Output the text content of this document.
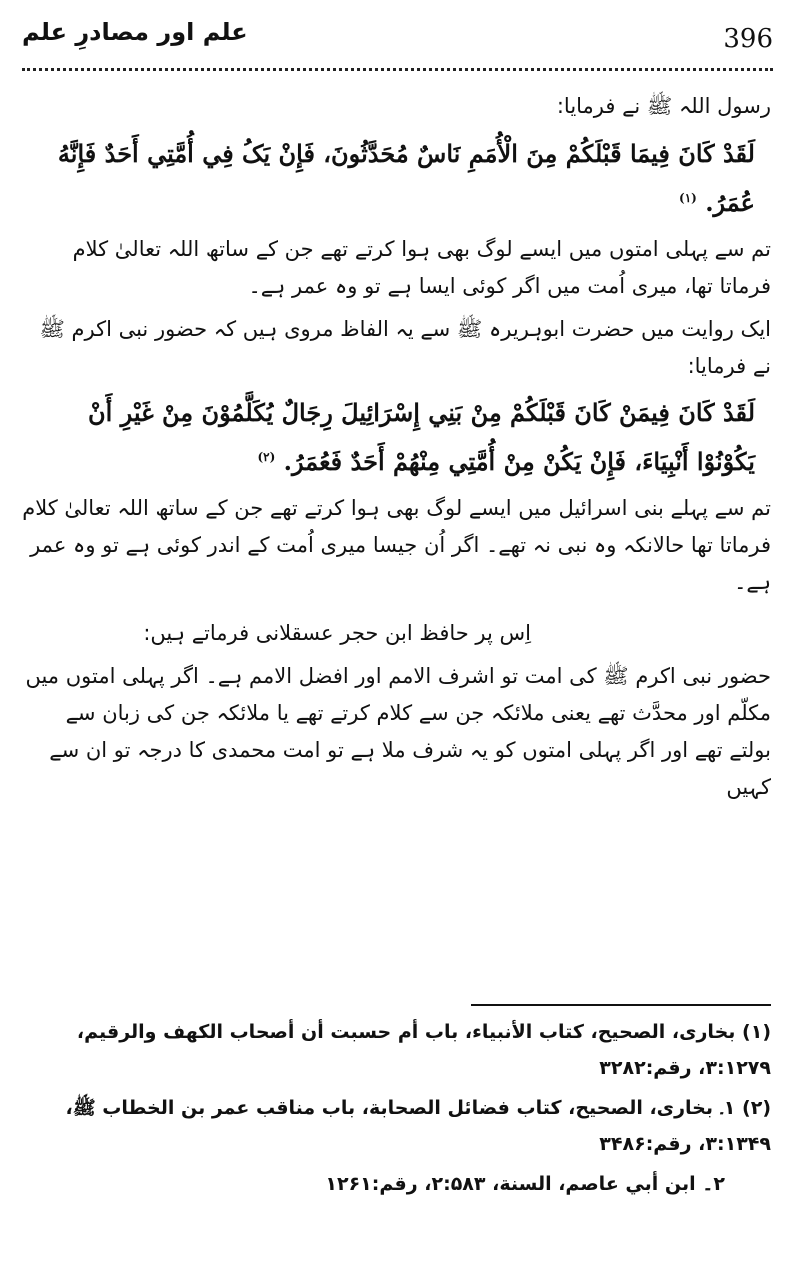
علم اور مصادرِ علم	396

رسول اللہ ﷺ نے فرمایا:

لَقَدْ کَانَ فِيمَا قَبْلَکُمْ مِنَ الْأُمَمِ نَاسٌ مُحَدَّثُونَ، فَإِنْ يَکُ فِي أُمَّتِي أَحَدٌ فَإِنَّهُ عُمَرُ. $^{(۱)}$

تم سے پہلی امتوں میں ایسے لوگ بھی ہوا کرتے تھے جن کے ساتھ اللہ تعالیٰ کلام فرماتا تھا، میری اُمت میں اگر کوئی ایسا ہے تو وہ عمر ہے۔

ایک روایت میں حضرت ابوہریرہ ﷺ سے یہ الفاظ مروی ہیں کہ حضور نبی اکرم ﷺ نے فرمایا:

لَقَدْ کَانَ فِيمَنْ کَانَ قَبْلَکُمْ مِنْ بَنِي إِسْرَائِيلَ رِجَالٌ يُکَلَّمُوْنَ مِنْ غَيْرِ أَنْ يَکُوْنُوْا أَنْبِيَاءَ، فَإِنْ يَکُنْ مِنْ أُمَّتِي مِنْهُمْ أَحَدٌ فَعُمَرُ. $^{(۲)}$

تم سے پہلے بنی اسرائیل میں ایسے لوگ بھی ہوا کرتے تھے جن کے ساتھ اللہ تعالیٰ کلام فرماتا تھا حالانکہ وہ نبی نہ تھے۔ اگر اُن جیسا میری اُمت کے اندر کوئی ہے تو وہ عمر ہے۔

اِس پر حافظ ابن حجر عسقلانی فرماتے ہیں:

حضور نبی اکرم ﷺ کی امت تو اشرف الامم اور افضل الامم ہے۔ اگر پہلی امتوں میں مکلّم اور محدَّث تھے یعنی ملائکہ جن سے کلام کرتے تھے یا ملائکہ جن کی زبان سے بولتے تھے اور اگر پہلی امتوں کو یہ شرف ملا ہے تو امت محمدی کا درجہ تو ان سے کہیں

(۱) بخاری، الصحيح، کتاب الأنبياء، باب أم حسبت أن أصحاب الکهف والرقيم، ۳:۱۲۷۹، رقم:۳۲۸۲

(۲) ۱۔ بخاری، الصحيح، کتاب فضائل الصحابة، باب مناقب عمر بن الخطاب ﷺ، ۳:۱۳۴۹، رقم:۳۴۸۶

۲۔ ابن أبي عاصم، السنة، ۲:۵۸۳، رقم:۱۲۶۱
